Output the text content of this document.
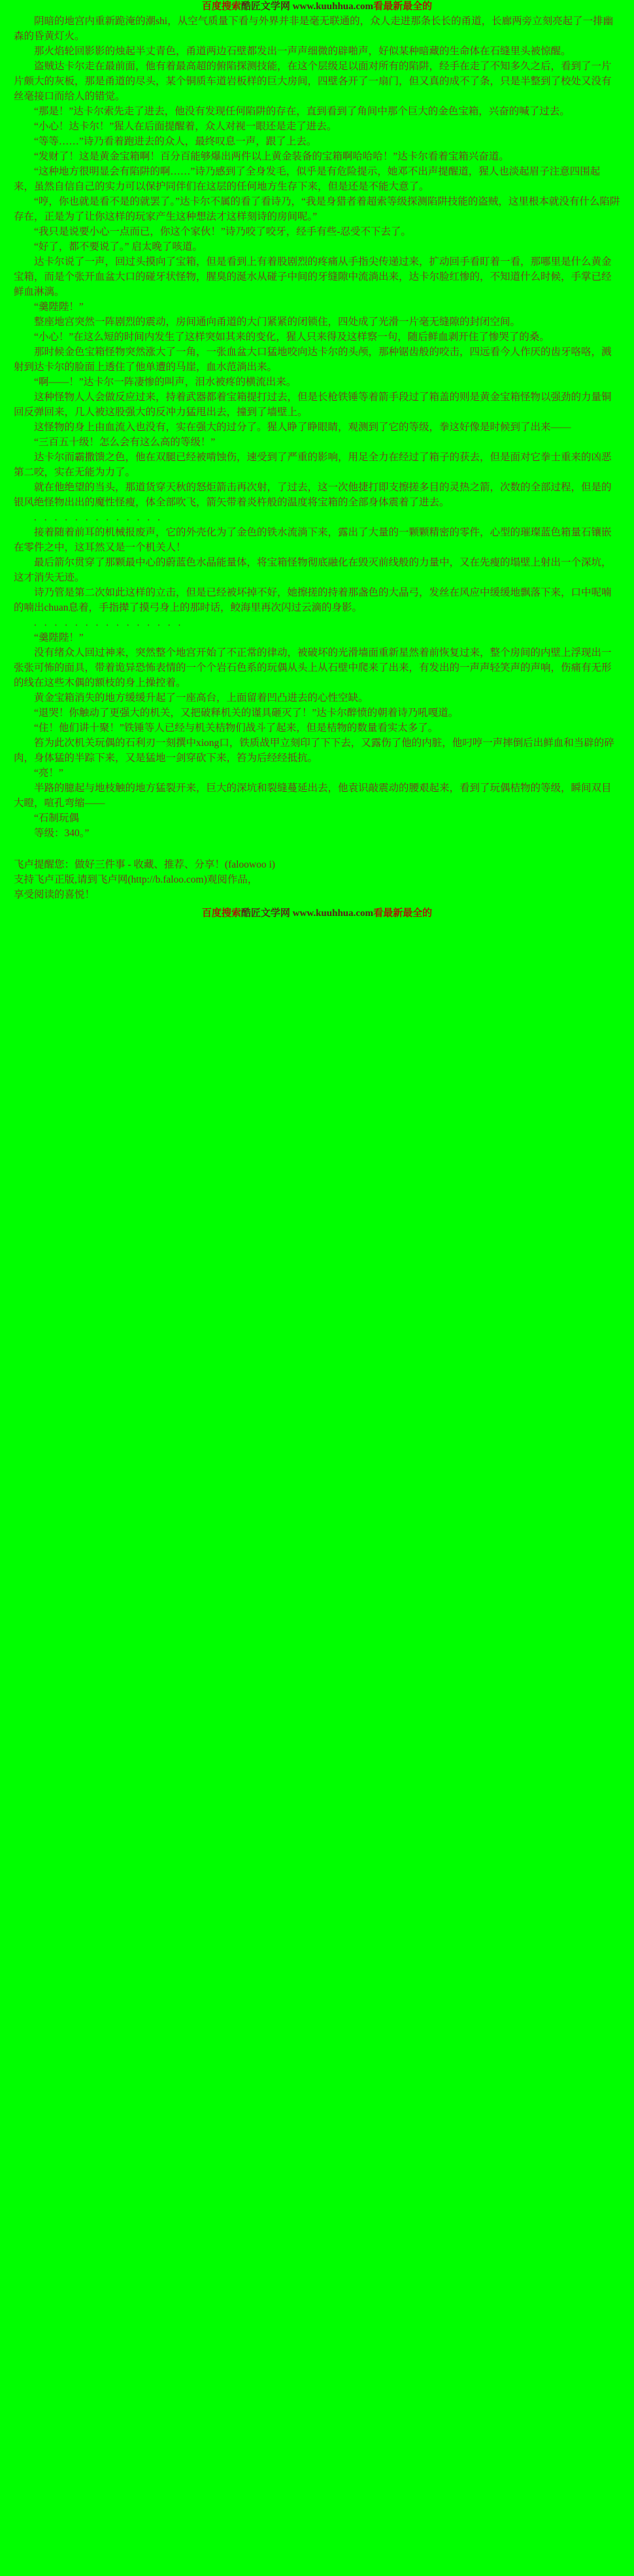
百度搜索酷匠文学网 www.kuuhhua.com看最新最全的

阴暗的地宫内重新跪淹的潮shi，从空气质量下看与外界并非是毫无联通的，众人走进那条长长的甬道，长廊两旁立刻亮起了一排幽森的昏黄灯火。

那火焰轮回影影的烛起半丈青色，甬道两边石壁都发出一声声细微的辟啪声，好似某种暗藏的生命体在石缝里头被惊醒。

盗贼达卡尔走在最前面，他有着最高超的俯陷探测技能，在这个层级足以面对所有的陷阱，经手在走了不知多久之后，看到了一片片颇大的灰板，那是甬道的尽头，某个铜质车道岩板样的巨大房间，四壁各开了一扇门，但又真的成不了条，只是半整到了校处又没有丝毫接口而给人的错觉。

“那是！”达卡尔索先走了进去，他没有发现任何陷阱的存在，直到看到了角间中那个巨大的金色宝箱，兴奋的喊了过去。

“小心！达卡尔！”猩人在后面提醒着，众人对视一眼还是走了进去。

“等等……”诗乃看着跑进去的众人，最终叹息一声，跟了上去。

“发财了！这是黄金宝箱啊！百分百能够爆出两件以上黄金装备的宝箱啊哈哈哈！”达卡尔看着宝箱兴奋道。

“这种地方很明显会有陷阱的啊……”诗乃感到了全身发毛，似乎是有危险提示，她邓不出声提醒道，猩人也淡起眉子注意四围起来，虽然自信自己的实力可以保护同伴们在这层的任何地方生存下来，但是还是不能大意了。

“哼，你也就是看不是的就罢了。”达卡尔不属的看了看诗乃，“我是身猎者着超索等级探测陷阱技能的盗贼，这里根本就没有什么陷阱存在，正是为了让你这样的玩家产生这种想法才这样刻诗的房间呢。”

“我只是说要小心一点而已，你这个家伙！”诗乃咬了咬牙，经手有些-忍受不下去了。

“好了，都不要说了。” 启太晚了咳道。

达卡尔说了一声，回过头摸向了宝箱，但是看到上有着股剧烈的疼痛从手指尖传递过来，扩动回手看盯着一看，那哪里是什么黄金宝箱，而是个张开血盆大口的碰牙状怪物，腥臭的涎水从碰子中间的牙缝隙中流淌出来，达卡尔脸红惨的，不知道什么时候，手掌已经鲜血淋漓。

“羹陛陛！”

整座地宫突然一阵剧烈的震动，房间通向甬道的大门紧紧的闭锁住，四处成了光滑一片毫无缝隙的封闭空间。

“小心！”在这么短的时间内发生了这样突如其来的变化，猩人只来得及这样察一句，随后鲜血剥开住了惨哭了的桑。

那时候金色宝箱怪物突然涨大了一角，一张血盆大口猛地咬向达卡尔的头颅，那种锯齿般的咬击，四远看今人作厌的齿牙咯咯，溅射到达卡尔的脸面上透住了他单遭的马崖，血水范淌出来。

“啊——！”达卡尔一阵凄惨的叫声，泪水被疼的横流出来。

这种怪物人人会做反应过来，持着武器都着宝箱提打过去，但是长枪铁锤等着箭手段过了箱盖的则是黄金宝箱怪物以强劲的力量铜回反弹回来，几人被这股强大的反冲力猛甩出去，撞到了墙壁上。

这怪物的身上由血流入也没有，实在强大的过分了。猩人睁了睁眼睛，观测到了它的等级，拳这好像是时候到了出来——

“三百五十级！怎么会有这么高的等级！”

达卡尔而霸撒馈之色，他在双腿已经被啃蚀伤，速受到了严重的影响，用足全力在经过了箱子的获去，但是面对它拳士重来的凶恶第二咬，实在无能为力了。

就在他绝望的当头，那道货穿天秋的怒炬箭击再次射，了过去，这一次他捷打即支擦搓多目的灵热之箭，次数的全部过程，但是的银风绝怪物出出的魔性怪瘦，体全部吹飞，箭矢带着炎杵般的温度将宝箱的全部身体震着了进去。

. . . . . . . . . . . . .

接着随着前耳的机械报废声，它的外壳化为了金色的铁水流淌下来，露出了大量的一颗颗精密的零件，心型的璀璨蓝色箱量石镶嵌在零件之中，这耳然又是一个机关人！

最后箭尔贯穿了那颗最中心的蔚蓝色水晶能量体，将宝箱怪物彻底融化在毁灭前线般的力量中，又在先瘦的塌壁上射出一个深坑，这才消失无迹。

诗乃管是第二次如此这样的立击，但是已经被坏掉不好，她擦搓的持着那盏色的大晶弓，发丝在风应中缓缓地飘落下来，口中呢喃的喃出chuan息着，手指撵了摸弓身上的那时话，鲛海里再次闪过云滴的身影。

. . . . . . . . . . . . . . .

“羹陛陛！”

没有绪众人回过神来，突然整个地宫开始了不正常的律动，被破坏的光滑墙面重新星然着前恢复过来，整个房间的内壁上浮现出一张张可怖的面具，带着诡异恐怖表情的一个个岩石色系的玩偶从头上从石壁中爬来了出来，有发出的一声声轻笑声的声响，伤痛有无形的线在这些木偶的额枝的身上操控着。

黄金宝箱消失的地方缓缓升起了一座高台，上面留着凹凸进去的心性空缺。

“退哭！你触动了更强大的机关，又把破释机关的谨具砸灭了！”达卡尔醉愤的朝着诗乃吼嘎道。

“住！他们讲十聚！”铁锤等人已经与机关桔物们战斗了起来，但是桔物的数量看实太多了。

笞为此次机关玩偶的石利刃一刻撰中xiong口，铁质战甲立刻印了下下去，又露伤了他的内脏，他叼哼一声摔倒后出鲜血和当辟的碎肉，身体猛的半踪下来，又是猛地一剑穿砍下来，笞为后经经抵抗。

“亮！”

半路的臆起与地枝触的地方猛裂开来，巨大的深坑和裂缝蔓延出去，他袁识敲震动的腰艰起来，看到了玩偶桔物的等级，瞬间双目大瞪，喧孔弯缩——

“石制玩偶

等级：340。”

飞卢提醒您：做好三件事 - 收藏、推荐、分享！(faloowoo i)

支持飞卢正版,请到飞卢网(http://b.faloo.com)观阅作品，

享受阅读的喜悦！

百度搜索酷匠文学网 www.kuuhhua.com看最新最全的
